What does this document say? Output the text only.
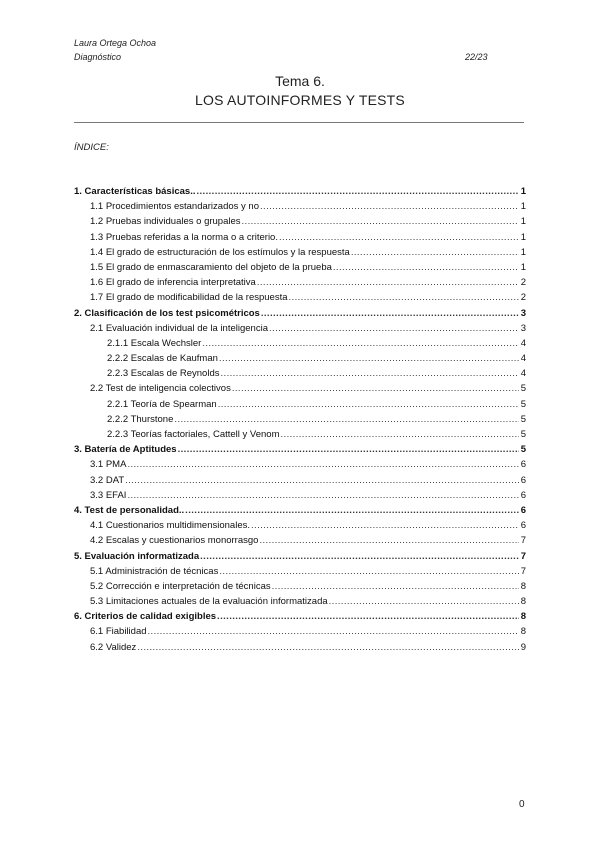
Laura Ortega Ochoa
Diagnóstico	22/23
Tema 6.
LOS AUTOINFORMES Y TESTS
ÍNDICE:
1. Características básicas.. .....	1
1.1 Procedimientos estandarizados y no .....	1
1.2 Pruebas individuales o grupales .....	1
1.3 Pruebas referidas a la norma o a criterio. .....	1
1.4 El grado de estructuración de los estímulos y la respuesta .....	1
1.5 El grado de enmascaramiento del objeto de la prueba .....	1
1.6 El grado de inferencia interpretativa .....	2
1.7 El grado de modificabilidad de la respuesta .....	2
2. Clasificación de los test psicométricos .....	3
2.1 Evaluación individual de la inteligencia .....	3
2.1.1 Escala Wechsler .....	4
2.2.2 Escalas de Kaufman .....	4
2.2.3 Escalas de Reynolds .....	4
2.2 Test de inteligencia colectivos .....	5
2.2.1 Teoría de Spearman .....	5
2.2.2 Thurstone .....	5
2.2.3 Teorías factoriales, Cattell y Venom .....	5
3. Batería de Aptitudes .....	5
3.1 PMA .....	6
3.2 DAT .....	6
3.3 EFAI .....	6
4. Test de personalidad.. .....	6
4.1 Cuestionarios multidimensionales. .....	6
4.2 Escalas y cuestionarios monorrasgo .....	7
5. Evaluación informatizada .....	7
5.1 Administración de técnicas .....	7
5.2 Corrección e interpretación de técnicas .....	8
5.3 Limitaciones actuales de la evaluación informatizada .....	8
6. Criterios de calidad exigibles .....	8
6.1 Fiabilidad .....	8
6.2 Validez .....	9
0
